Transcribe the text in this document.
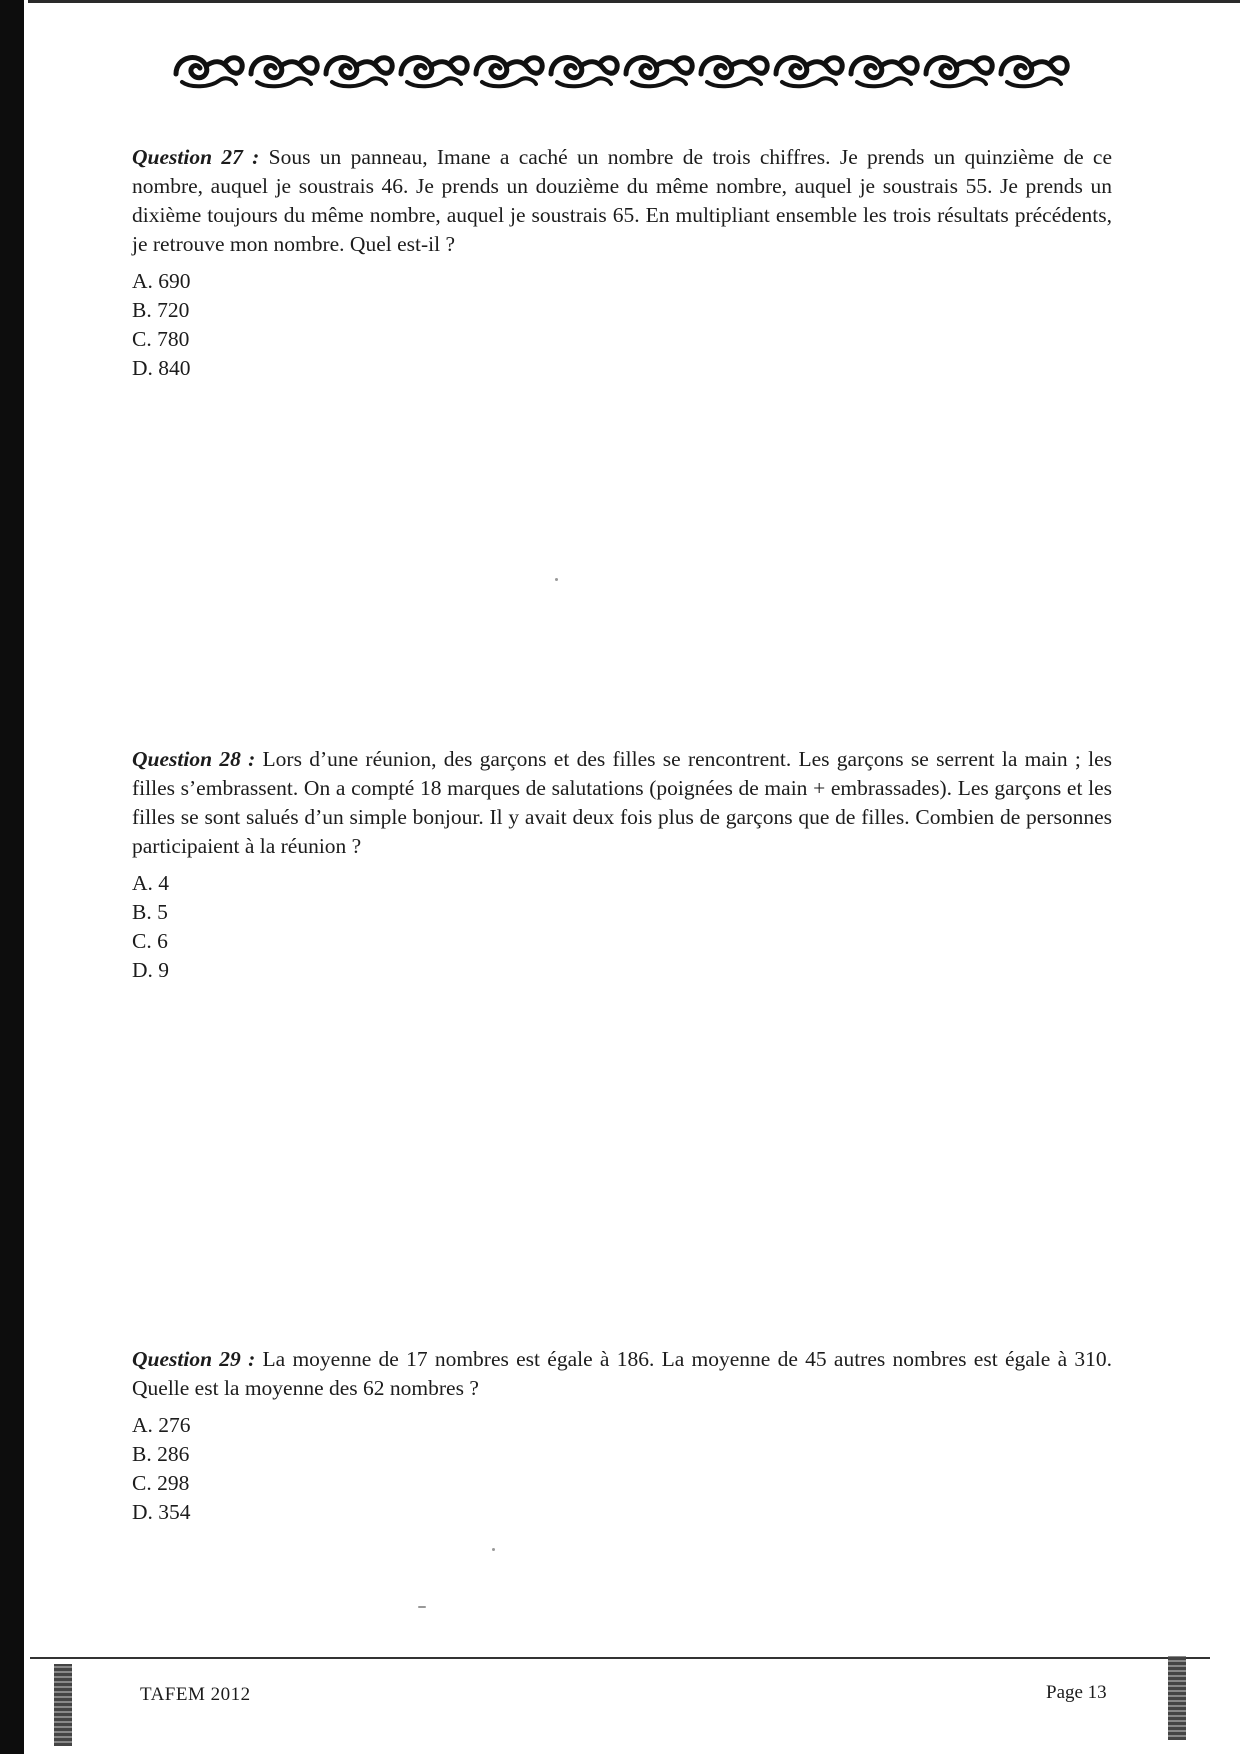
Question 27 : Sous un panneau, Imane a caché un nombre de trois chiffres. Je prends un quinzième de ce nombre, auquel je soustrais 46. Je prends un douzième du même nombre, auquel je soustrais 55. Je prends un dixième toujours du même nombre, auquel je soustrais 65. En multipliant ensemble les trois résultats précédents, je retrouve mon nombre. Quel est-il ?
A. 690
B. 720
C. 780
D. 840
Question 28 : Lors d’une réunion, des garçons et des filles se rencontrent. Les garçons se serrent la main ; les filles s’embrassent. On a compté 18 marques de salutations (poignées de main + embrassades). Les garçons et les filles se sont salués d’un simple bonjour. Il y avait deux fois plus de garçons que de filles. Combien de personnes participaient à la réunion ?
A. 4
B. 5
C. 6
D. 9
Question 29 : La moyenne de 17 nombres est égale à 186. La moyenne de 45 autres nombres est égale à 310. Quelle est la moyenne des 62 nombres ?
A. 276
B. 286
C. 298
D. 354
TAFEM 2012	Page 13
